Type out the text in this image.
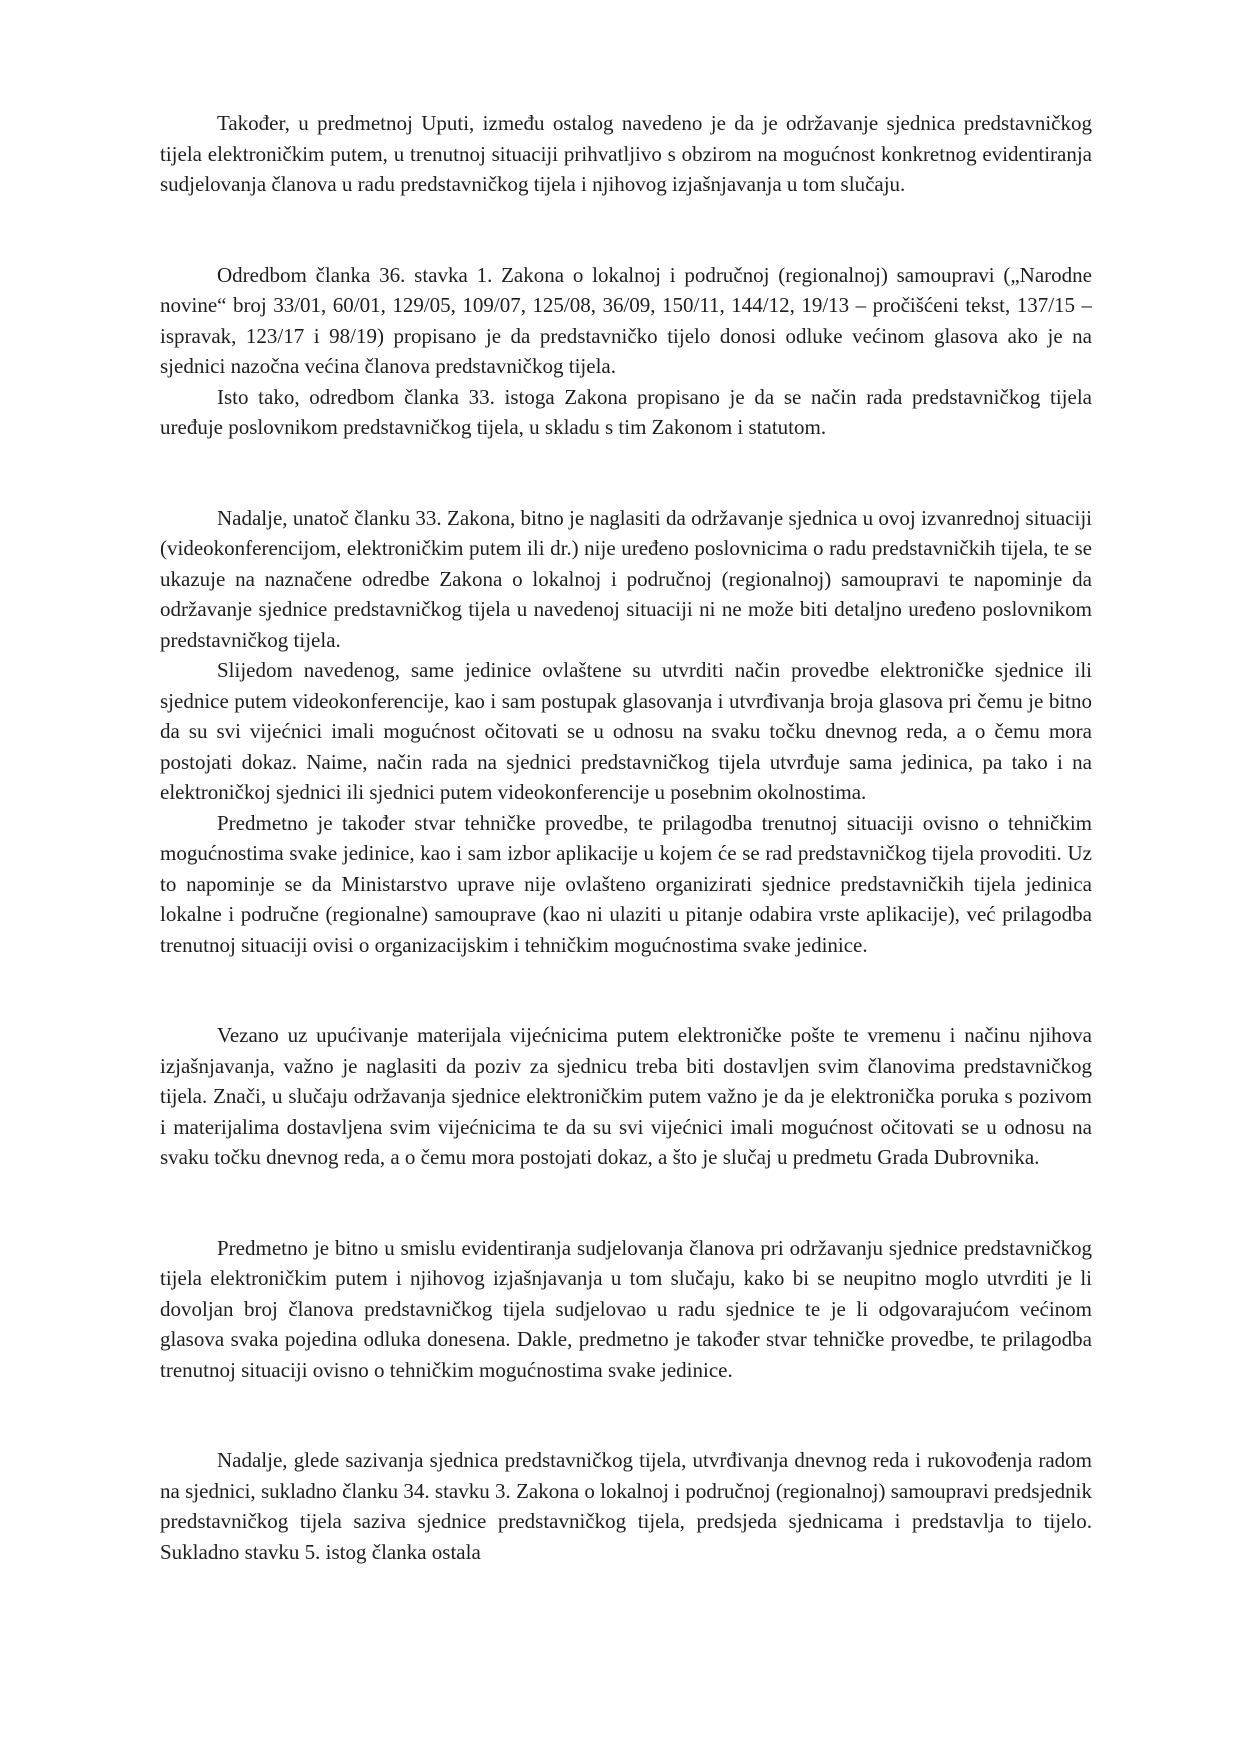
Također, u predmetnoj Uputi, između ostalog navedeno je da je održavanje sjednica predstavničkog tijela elektroničkim putem, u trenutnoj situaciji prihvatljivo s obzirom na mogućnost konkretnog evidentiranja sudjelovanja članova u radu predstavničkog tijela i njihovog izjašnjavanja u tom slučaju.

Odredbom članka 36. stavka 1. Zakona o lokalnoj i područnoj (regionalnoj) samoupravi („Narodne novine“ broj 33/01, 60/01, 129/05, 109/07, 125/08, 36/09, 150/11, 144/12, 19/13 – pročišćeni tekst, 137/15 – ispravak, 123/17 i 98/19) propisano je da predstavničko tijelo donosi odluke većinom glasova ako je na sjednici nazočna većina članova predstavničkog tijela.

Isto tako, odredbom članka 33. istoga Zakona propisano je da se način rada predstavničkog tijela uređuje poslovnikom predstavničkog tijela, u skladu s tim Zakonom i statutom.

Nadalje, unatoč članku 33. Zakona, bitno je naglasiti da održavanje sjednica u ovoj izvanrednoj situaciji (videokonferencijom, elektroničkim putem ili dr.) nije uređeno poslovnicima o radu predstavničkih tijela, te se ukazuje na naznačene odredbe Zakona o lokalnoj i područnoj (regionalnoj) samoupravi te napominje da održavanje sjednice predstavničkog tijela u navedenoj situaciji ni ne može biti detaljno uređeno poslovnikom predstavničkog tijela.

Slijedom navedenog, same jedinice ovlaštene su utvrditi način provedbe elektroničke sjednice ili sjednice putem videokonferencije, kao i sam postupak glasovanja i utvrđivanja broja glasova pri čemu je bitno da su svi vijećnici imali mogućnost očitovati se u odnosu na svaku točku dnevnog reda, a o čemu mora postojati dokaz. Naime, način rada na sjednici predstavničkog tijela utvrđuje sama jedinica, pa tako i na elektroničkoj sjednici ili sjednici putem videokonferencije u posebnim okolnostima.

Predmetno je također stvar tehničke provedbe, te prilagodba trenutnoj situaciji ovisno o tehničkim mogućnostima svake jedinice, kao i sam izbor aplikacije u kojem će se rad predstavničkog tijela provoditi. Uz to napominje se da Ministarstvo uprave nije ovlašteno organizirati sjednice predstavničkih tijela jedinica lokalne i područne (regionalne) samouprave (kao ni ulaziti u pitanje odabira vrste aplikacije), već prilagodba trenutnoj situaciji ovisi o organizacijskim i tehničkim mogućnostima svake jedinice.

Vezano uz upućivanje materijala vijećnicima putem elektroničke pošte te vremenu i načinu njihova izjašnjavanja, važno je naglasiti da poziv za sjednicu treba biti dostavljen svim članovima predstavničkog tijela. Znači, u slučaju održavanja sjednice elektroničkim putem važno je da je elektronička poruka s pozivom i materijalima dostavljena svim vijećnicima te da su svi vijećnici imali mogućnost očitovati se u odnosu na svaku točku dnevnog reda, a o čemu mora postojati dokaz, a što je slučaj u predmetu Grada Dubrovnika.

Predmetno je bitno u smislu evidentiranja sudjelovanja članova pri održavanju sjednice predstavničkog tijela elektroničkim putem i njihovog izjašnjavanja u tom slučaju, kako bi se neupitno moglo utvrditi je li dovoljan broj članova predstavničkog tijela sudjelovao u radu sjednice te je li odgovarajućom većinom glasova svaka pojedina odluka donesena. Dakle, predmetno je također stvar tehničke provedbe, te prilagodba trenutnoj situaciji ovisno o tehničkim mogućnostima svake jedinice.

Nadalje, glede sazivanja sjednica predstavničkog tijela, utvrđivanja dnevnog reda i rukovođenja radom na sjednici, sukladno članku 34. stavku 3. Zakona o lokalnoj i područnoj (regionalnoj) samoupravi predsjednik predstavničkog tijela saziva sjednice predstavničkog tijela, predsjeda sjednicama i predstavlja to tijelo. Sukladno stavku 5. istog članka ostala
